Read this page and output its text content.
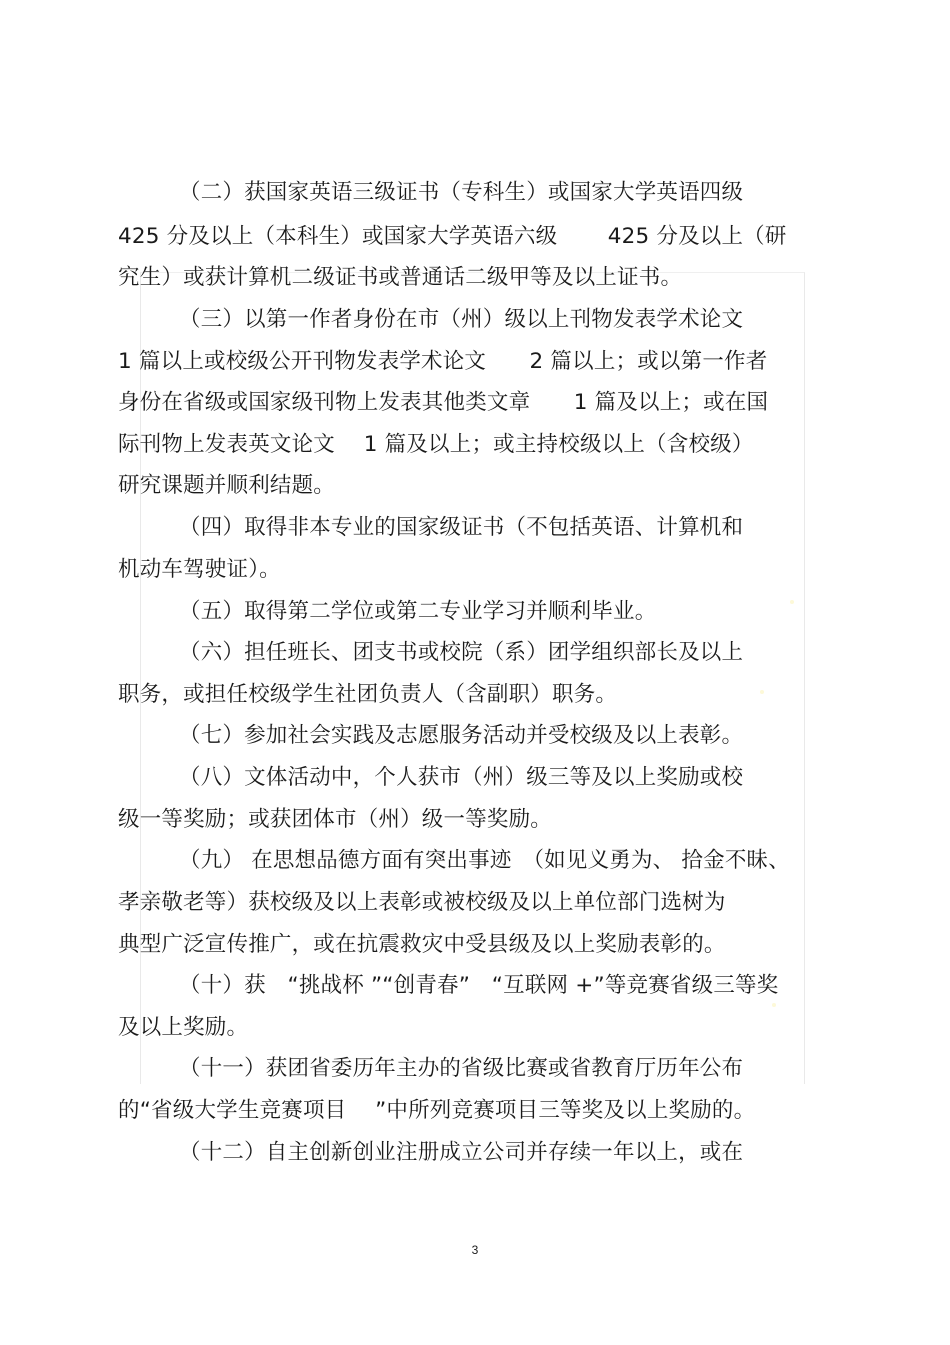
（二）获国家英语三级证书（专科生）或国家大学英语四级
425 分及以上（本科生）或国家大学英语六级　　 425 分及以上（研
究生）或获计算机二级证书或普通话二级甲等及以上证书。
（三）以第一作者身份在市（州）级以上刊物发表学术论文
1 篇以上或校级公开刊物发表学术论文　　2 篇以上；或以第一作者
身份在省级或国家级刊物上发表其他类文章　　1 篇及以上；或在国
际刊物上发表英文论文　 1 篇及以上；或主持校级以上（含校级）
研究课题并顺利结题。
（四）取得非本专业的国家级证书（不包括英语、计算机和
机动车驾驶证）。
（五）取得第二学位或第二专业学习并顺利毕业。
（六）担任班长、团支书或校院（系）团学组织部长及以上
职务，或担任校级学生社团负责人（含副职）职务。
（七）参加社会实践及志愿服务活动并受校级及以上表彰。
（八）文体活动中，个人获市（州）级三等及以上奖励或校
级一等奖励；或获团体市（州）级一等奖励。
（九） 在思想品德方面有突出事迹　（如见义勇为、 拾金不昧、
孝亲敬老等）获校级及以上表彰或被校级及以上单位部门选树为
典型广泛宣传推广，或在抗震救灾中受县级及以上奖励表彰的。
（十）获　“挑战杯 ”“创青春”　“互联网 +”等竞赛省级三等奖
及以上奖励。
（十一）获团省委历年主办的省级比赛或省教育厅历年公布
的“省级大学生竞赛项目　 ”中所列竞赛项目三等奖及以上奖励的。
（十二）自主创新创业注册成立公司并存续一年以上，或在
3
